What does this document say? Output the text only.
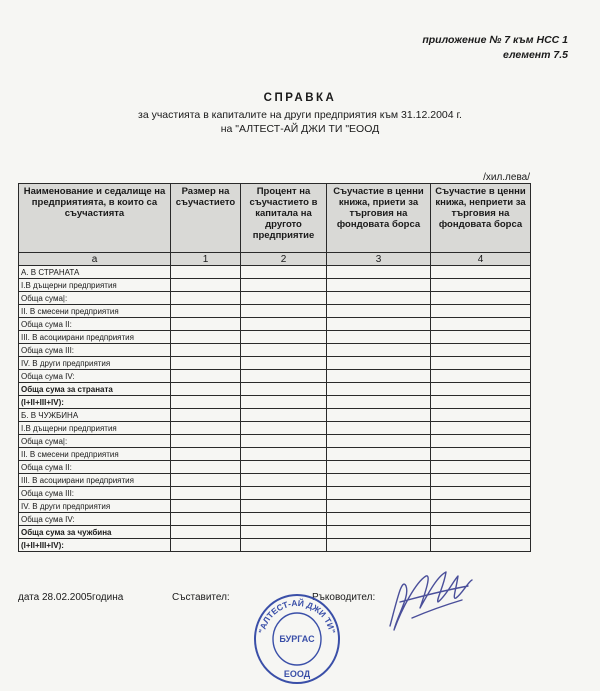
приложение № 7 към НСС 1
елемент 7.5
СПРАВКА
за участията в капиталите на други предприятия към 31.12.2004 г.
на "АЛТЕСТ-АЙ ДЖИ ТИ "ЕООД
/хил.лева/
Наименование и седалище на предприятията, в които са съучастията	Размер на съучастието	Процент на съучастието в капитала на другото предприятие	Съучастие в ценни книжа, приети за търговия на фондовата борса	Съучастие в ценни книжа, неприети за търговия на фондовата борса
а	1	2	3	4
А. В СТРАНАТА				
I.В дъщерни предприятия				
Обща сума|:				
II. В смесени предприятия				
Обща сума II:				
III. В асоциирани предприятия				
Обща сума III:				
IV. В други предприятия				
Обща сума IV:				
Обща сума за страната				
(I+II+III+IV):				
Б. В ЧУЖБИНА				
I.В дъщерни предприятия				
Обща сума|:				
II. В смесени предприятия				
Обща сума II:				
III. В асоциирани предприятия				
Обща сума III:				
IV. В други предприятия				
Обща сума IV:				
Обща сума за чужбина				
(I+II+III+IV):				
дата 28.02.2005година	Съставител:	Ръководител:
"АЛТЕСТ-АЙ ДЖИ ТИ"
БУРГАС
ЕООД
